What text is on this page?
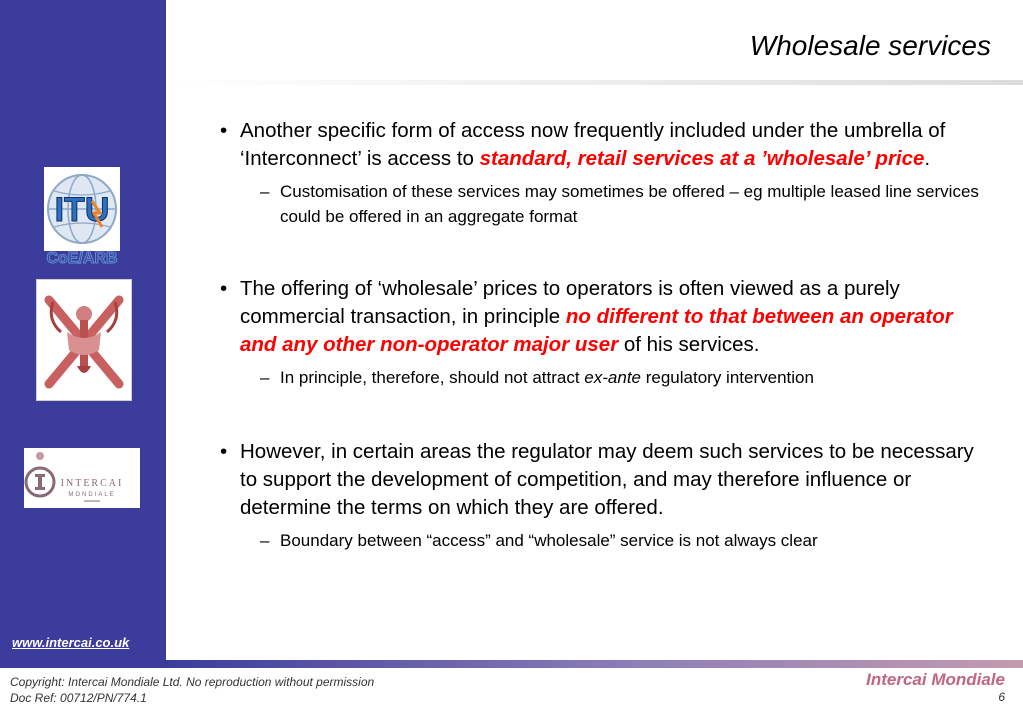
ITU
CoE/ARB
INTERCAI
MONDIALE
www.intercai.co.uk
Wholesale services
• Another specific form of access now frequently included under the umbrella of ‘Interconnect’ is access to standard, retail services at a ’wholesale’ price.
– Customisation of these services may sometimes be offered – eg multiple leased line services could be offered in an aggregate format
• The offering of ‘wholesale’ prices to operators is often viewed as a purely commercial transaction, in principle no different to that between an operator and any other non-operator major user of his services.
– In principle, therefore, should not attract ex-ante regulatory intervention
• However, in certain areas the regulator may deem such services to be necessary to support the development of competition, and may therefore influence or determine the terms on which they are offered.
– Boundary between “access” and “wholesale” service is not always clear
Copyright: Intercai Mondiale Ltd. No reproduction without permission
Doc Ref: 00712/PN/774.1
Intercai Mondiale
6
